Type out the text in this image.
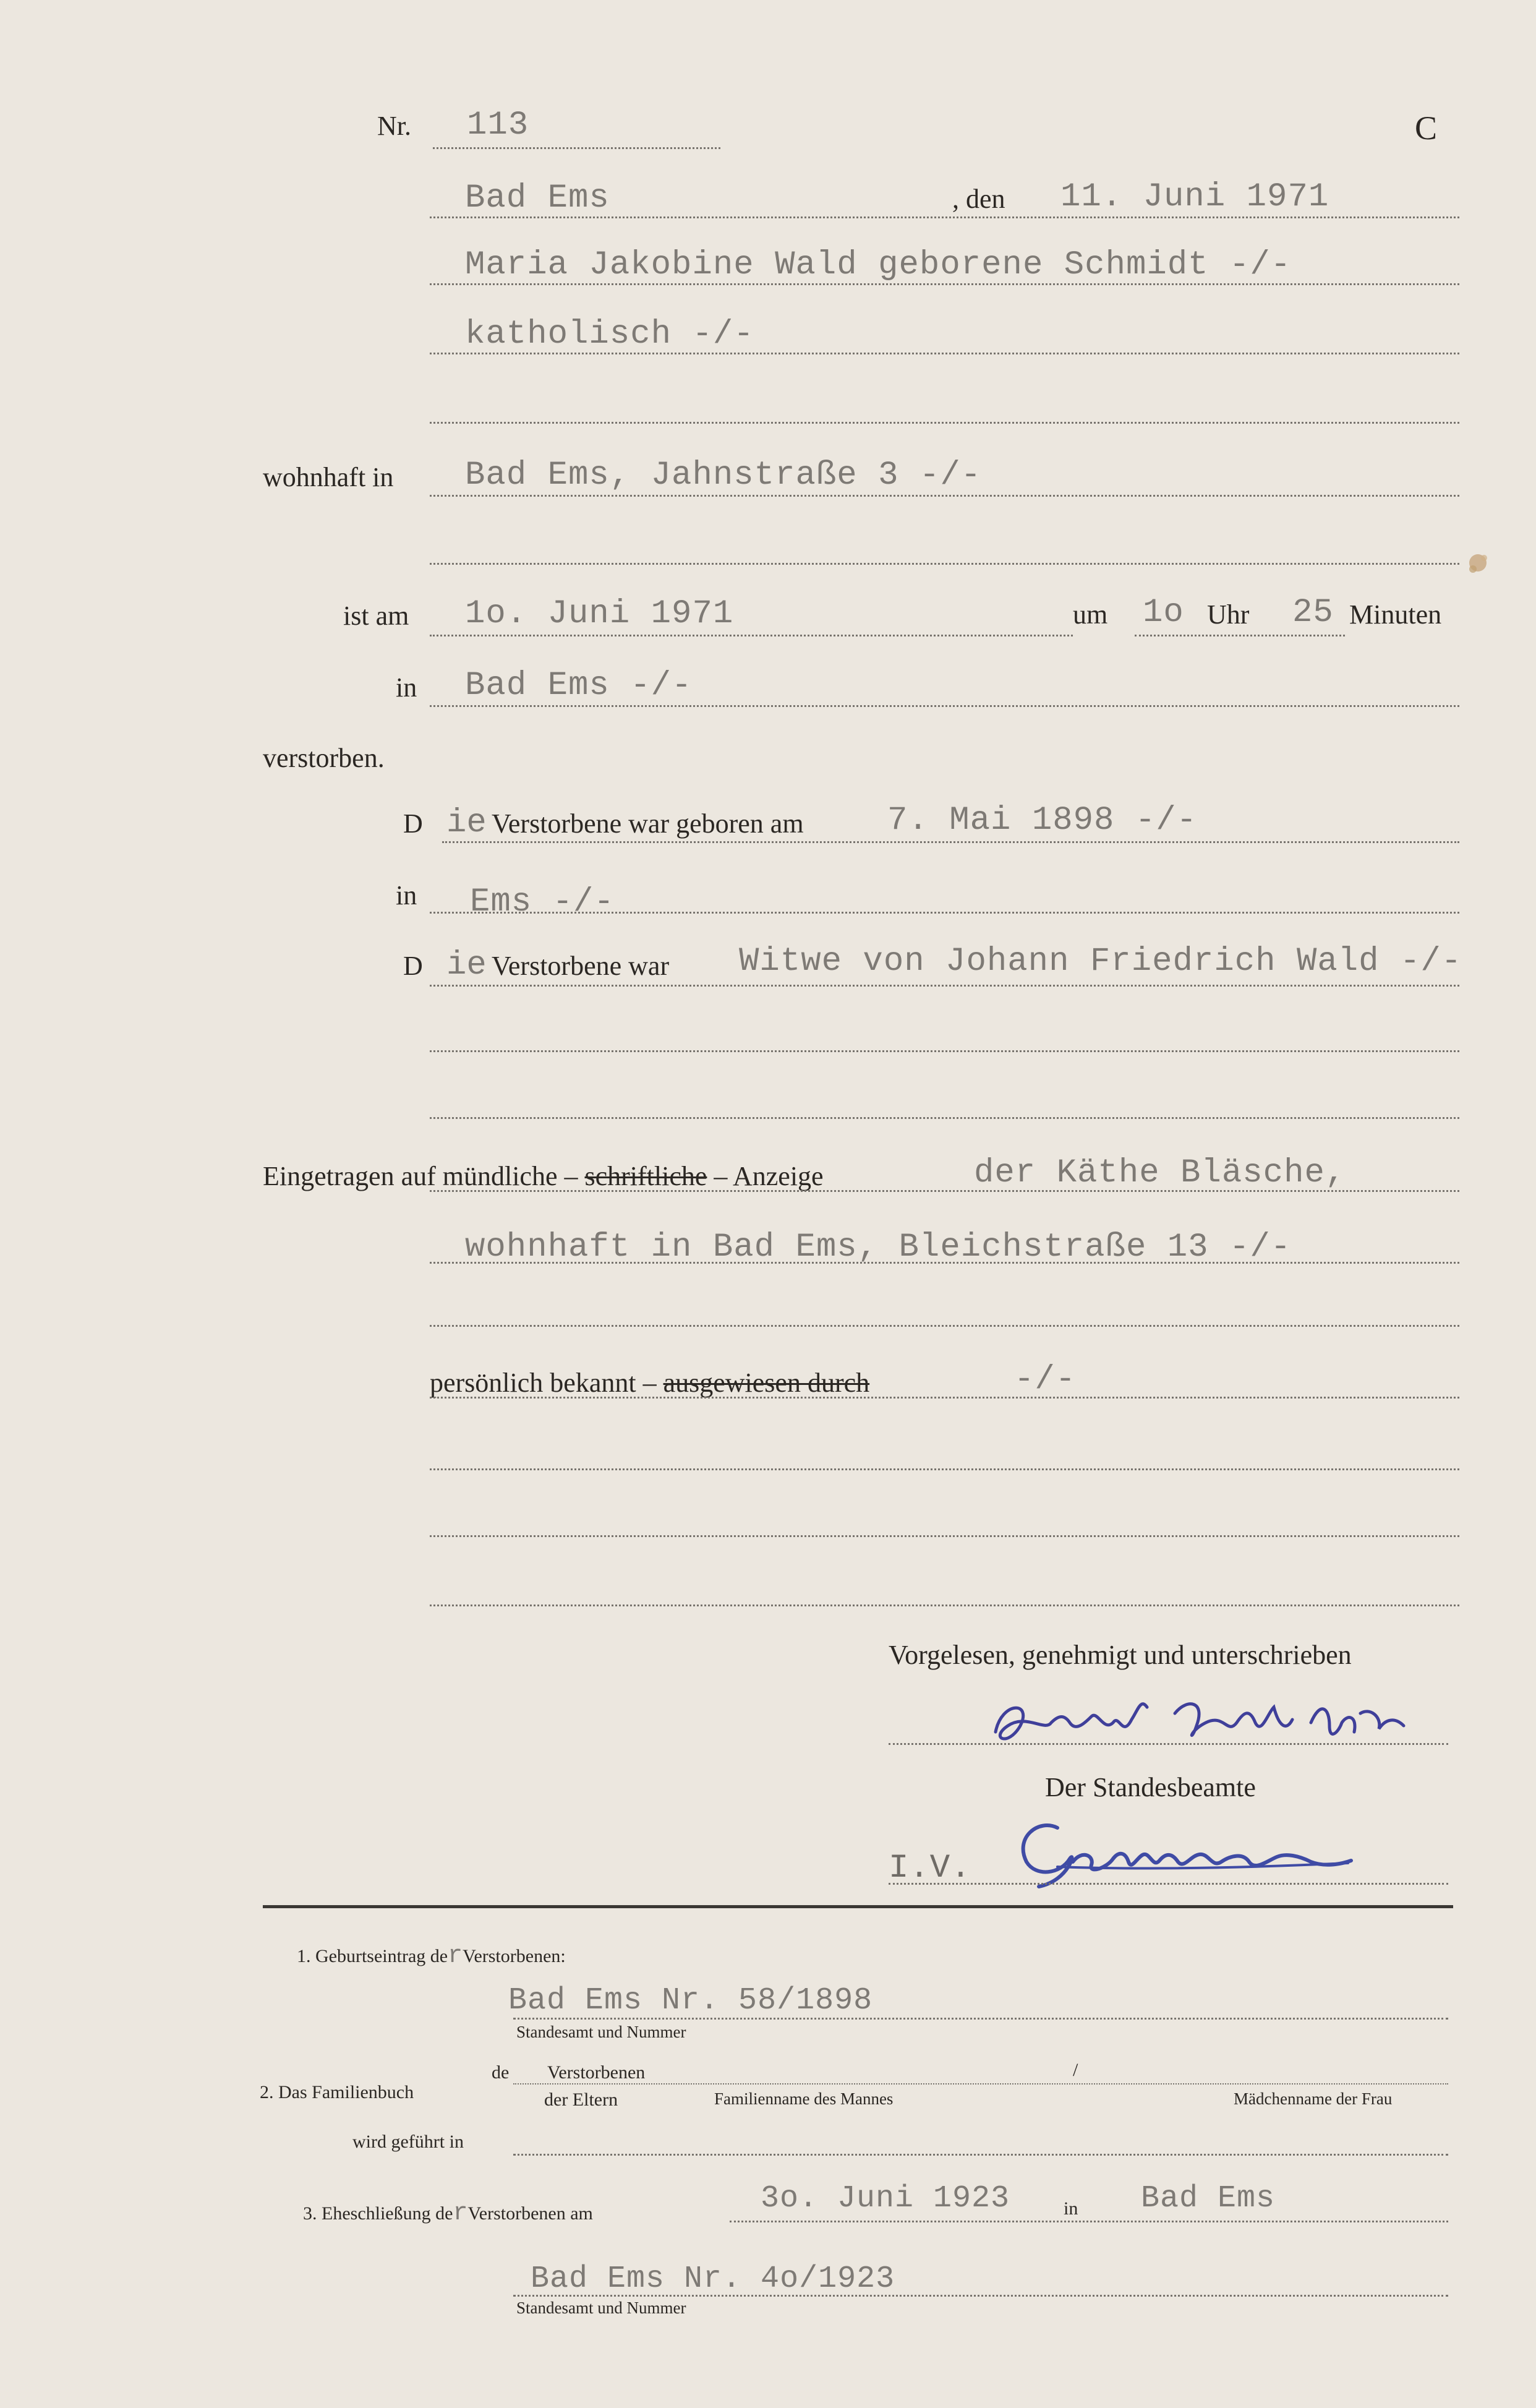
Nr. 113	C
Bad Ems	, den 11. Juni 1971
Maria Jakobine Wald geborene Schmidt -/-
katholisch -/-
wohnhaft in Bad Ems, Jahnstraße 3 -/-
ist am 1o. Juni 1971	um 1o Uhr 25 Minuten
in Bad Ems -/-
verstorben.
D ie Verstorbene war geboren am	7. Mai 1898 -/-
in Ems -/-
D ie Verstorbene war Witwe von Johann Friedrich Wald -/-
Eingetragen auf mündliche – schriftliche – Anzeige	der Käthe Bläsche,
wohnhaft in Bad Ems, Bleichstraße 13 -/-
persönlich bekannt – ausgewiesen durch	-/-
Vorgelesen, genehmigt und unterschrieben
Käthe Bläsche
Der Standesbeamte
I.V.
Sommer
1. Geburtseintrag derVerstorbenen:
Bad Ems Nr. 58/1898
Standesamt und Nummer
2. Das Familienbuch
de Verstorbenen
der Eltern
/
Familienname des Mannes	Mädchenname der Frau
wird geführt in
3. Eheschließung derVerstorbenen am	3o. Juni 1923	in Bad Ems
Bad Ems Nr. 4o/1923
Standesamt und Nummer
